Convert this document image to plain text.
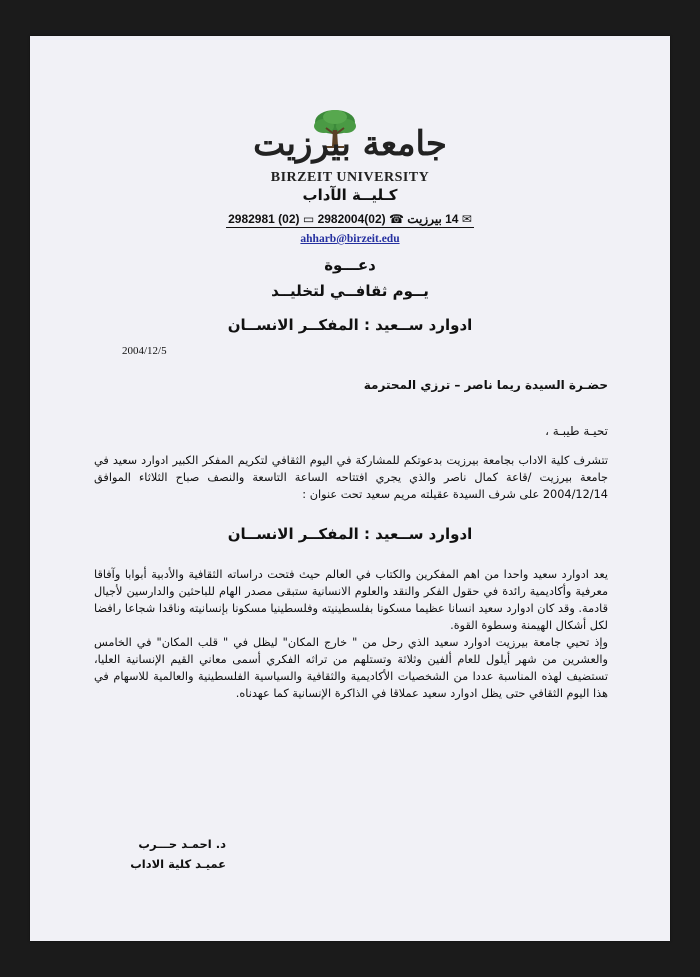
جامعة بيرزيت
BIRZEIT UNIVERSITY
كـليــة الآداب
✉ 14 بيرزيت ☎ (02)2982004 ▭ (02) 2982981
ahharb@birzeit.edu
دعـــوة
يــوم ثقافــي لتخليــد
ادوارد ســعيد : المفكــر الانســان
2004/12/5
حضـرة السيدة ريما ناصر – ترزي المحترمة
تحيـة طيبـة ،
تتشرف كلية الاداب بجامعة بيرزيت بدعوتكم للمشاركة في اليوم الثقافي لتكريم المفكر الكبير ادوارد سعيد في جامعة بيرزيت /قاعة كمال ناصر والذي يجري افتتاحه الساعة التاسعة والنصف صباح الثلاثاء الموافق 2004/12/14 على شرف السيدة عقيلته مريم سعيد تحت عنوان :
ادوارد ســعيد : المفكــر الانســان
يعد ادوارد سعيد واحدا من اهم المفكرين والكتاب في العالم حيث فتحت دراساته الثقافية والأدبية أبوابا وآفاقا معرفية وأكاديمية رائدة في حقول الفكر والنقد والعلوم الانسانية ستبقى مصدر الهام للباحثين والدارسين لأجيال قادمة. وقد كان ادوارد سعيد انسانا عظيما مسكونا بفلسطينيته وفلسطينيا مسكونا بإنسانيته وناقدا شجاعا رافضا لكل أشكال الهيمنة وسطوة القوة.
وإذ تحيي جامعة بيرزيت ادوارد سعيد الذي رحل من " خارج المكان" ليظل في " قلب المكان" في الخامس والعشرين من شهر أيلول للعام ألفين وثلاثة وتستلهم من تراثه الفكري أسمى معاني القيم الإنسانية العليا، تستضيف لهذه المناسبة عددا من الشخصيات الأكاديمية والثقافية والسياسية الفلسطينية والعالمية للاسهام في هذا اليوم الثقافي حتى يظل ادوارد سعيد عملاقا في الذاكرة الإنسانية كما عهدناه.
د. احمـد حـــرب
عميـد كلية الاداب
